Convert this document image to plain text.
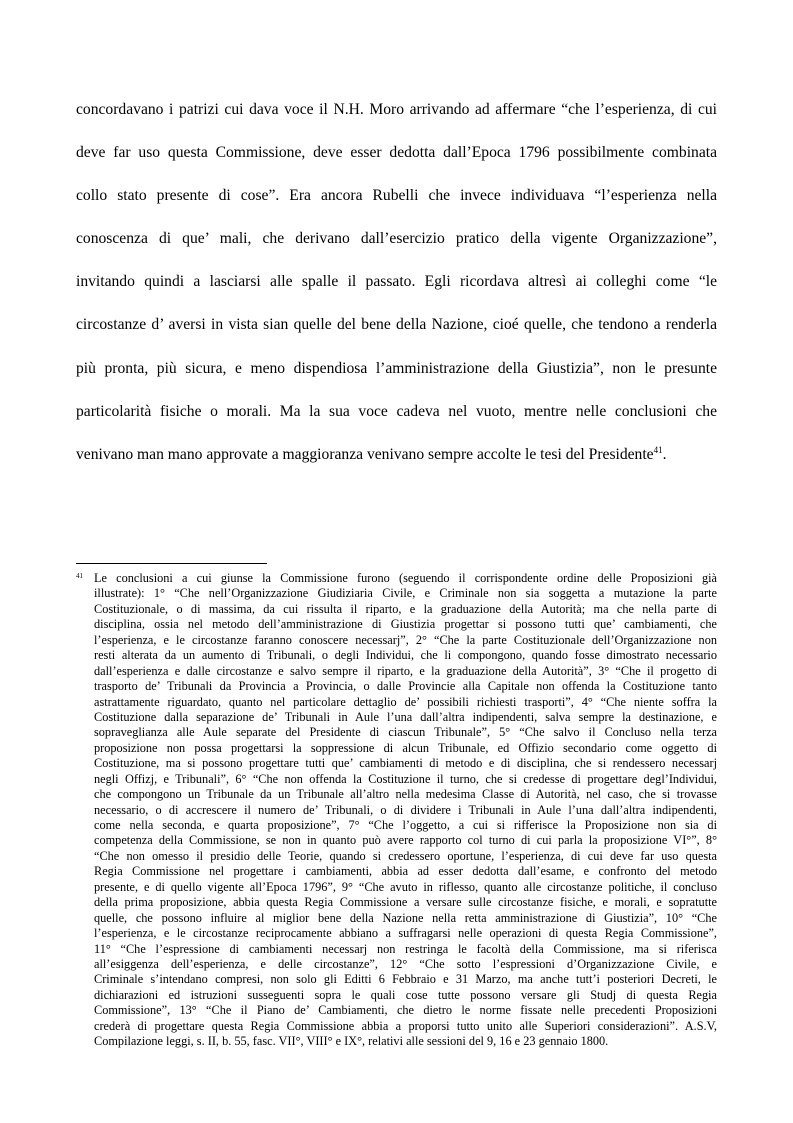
concordavano i patrizi cui dava voce il N.H. Moro arrivando ad affermare “che l’esperienza, di cui
deve far uso questa Commissione, deve esser dedotta dall’Epoca 1796 possibilmente combinata
collo stato presente di cose”. Era ancora Rubelli che invece individuava “l’esperienza nella
conoscenza di que’ mali, che derivano dall’esercizio pratico della vigente Organizzazione”,
invitando quindi a lasciarsi alle spalle il passato. Egli ricordava altresì ai colleghi come “le
circostanze d’ aversi in vista sian quelle del bene della Nazione, cioé quelle, che tendono a renderla
più pronta, più sicura, e meno dispendiosa l’amministrazione della Giustizia”, non le presunte
particolarità fisiche o morali. Ma la sua voce cadeva nel vuoto, mentre nelle conclusioni che
venivano man mano approvate a maggioranza venivano sempre accolte le tesi del Presidente$^{41}$.
41 Le conclusioni a cui giunse la Commissione furono (seguendo il corrispondente ordine delle Proposizioni già
illustrate): 1° “Che nell’Organizzazione Giudiziaria Civile, e Criminale non sia soggetta a mutazione la parte
Costituzionale, o di massima, da cui rissulta il riparto, e la graduazione della Autorità; ma che nella parte di
disciplina, ossia nel metodo dell’amministrazione di Giustizia progettar si possono tutti que’ cambiamenti, che
l’esperienza, e le circostanze faranno conoscere necessarj”, 2° “Che la parte Costituzionale dell’Organizzazione non
resti alterata da un aumento di Tribunali, o degli Individui, che li compongono, quando fosse dimostrato necessario
dall’esperienza e dalle circostanze e salvo sempre il riparto, e la graduazione della Autorità”, 3° “Che il progetto di
trasporto de’ Tribunali da Provincia a Provincia, o dalle Provincie alla Capitale non offenda la Costituzione tanto
astrattamente riguardato, quanto nel particolare dettaglio de’ possibili richiesti trasporti”, 4° “Che niente soffra la
Costituzione dalla separazione de’ Tribunali in Aule l’una dall’altra indipendenti, salva sempre la destinazione, e
sopraveglianza alle Aule separate del Presidente di ciascun Tribunale”, 5° “Che salvo il Concluso nella terza
proposizione non possa progettarsi la soppressione di alcun Tribunale, ed Offizio secondario come oggetto di
Costituzione, ma si possono progettare tutti que’ cambiamenti di metodo e di disciplina, che si rendessero necessarj
negli Offizj, e Tribunali”, 6° “Che non offenda la Costituzione il turno, che si credesse di progettare degl’Individui,
che compongono un Tribunale da un Tribunale all’altro nella medesima Classe di Autorità, nel caso, che si trovasse
necessario, o di accrescere il numero de’ Tribunali, o di dividere i Tribunali in Aule l’una dall’altra indipendenti,
come nella seconda, e quarta proposizione”, 7° “Che l’oggetto, a cui si rifferisce la Proposizione non sia di
competenza della Commissione, se non in quanto può avere rapporto col turno di cui parla la proposizione VI°”, 8°
“Che non omesso il presidio delle Teorie, quando si credessero oportune, l’esperienza, di cui deve far uso questa
Regia Commissione nel progettare i cambiamenti, abbia ad esser dedotta dall’esame, e confronto del metodo
presente, e di quello vigente all’Epoca 1796”, 9° “Che avuto in riflesso, quanto alle circostanze politiche, il concluso
della prima proposizione, abbia questa Regia Commissione a versare sulle circostanze fisiche, e morali, e sopratutte
quelle, che possono influire al miglior bene della Nazione nella retta amministrazione di Giustizia”, 10° “Che
l’esperienza, e le circostanze reciprocamente abbiano a suffragarsi nelle operazioni di questa Regia Commissione”,
11° “Che l’espressione di cambiamenti necessarj non restringa le facoltà della Commissione, ma si riferisca
all’esiggenza dell’esperienza, e delle circostanze”, 12° “Che sotto l’espressioni d’Organizzazione Civile, e
Criminale s’intendano compresi, non solo gli Editti 6 Febbraio e 31 Marzo, ma anche tutt’i posteriori Decreti, le
dichiarazioni ed istruzioni susseguenti sopra le quali cose tutte possono versare gli Studj di questa Regia
Commissione”, 13° “Che il Piano de’ Cambiamenti, che dietro le norme fissate nelle precedenti Proposizioni
crederà di progettare questa Regia Commissione abbia a proporsi tutto unito alle Superiori considerazioni”. A.S.V,
Compilazione leggi, s. II, b. 55, fasc. VII°, VIII° e IX°, relativi alle sessioni del 9, 16 e 23 gennaio 1800.
